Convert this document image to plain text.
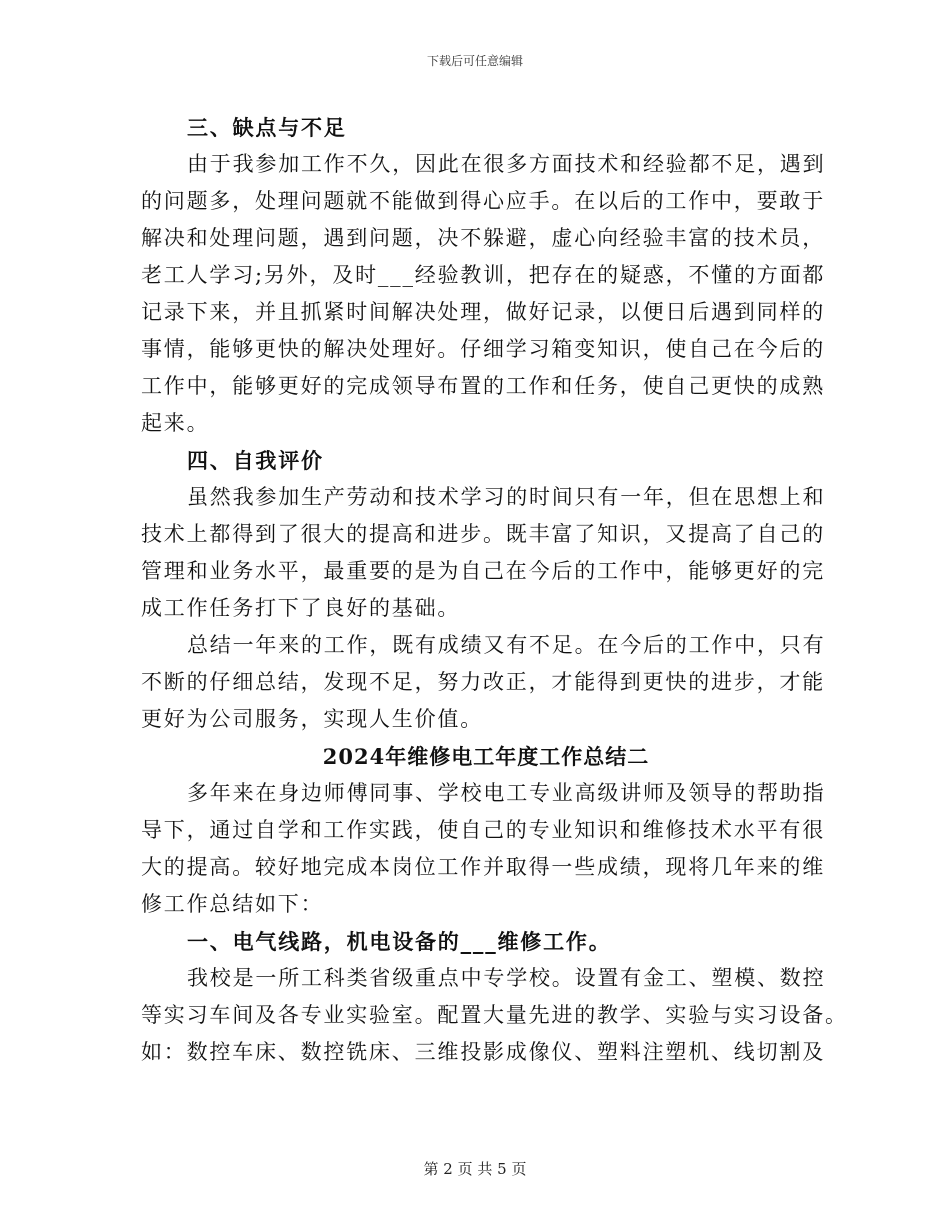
下载后可任意编辑
三、缺点与不足
由于我参加工作不久，因此在很多方面技术和经验都不足，遇到
的问题多，处理问题就不能做到得心应手。在以后的工作中，要敢于
解决和处理问题，遇到问题，决不躲避，虚心向经验丰富的技术员，
老工人学习;另外，及时___经验教训，把存在的疑惑，不懂的方面都
记录下来，并且抓紧时间解决处理，做好记录，以便日后遇到同样的
事情，能够更快的解决处理好。仔细学习箱变知识，使自己在今后的
工作中，能够更好的完成领导布置的工作和任务，使自己更快的成熟
起来。
四、自我评价
虽然我参加生产劳动和技术学习的时间只有一年，但在思想上和
技术上都得到了很大的提高和进步。既丰富了知识，又提高了自己的
管理和业务水平，最重要的是为自己在今后的工作中，能够更好的完
成工作任务打下了良好的基础。
总结一年来的工作，既有成绩又有不足。在今后的工作中，只有
不断的仔细总结，发现不足，努力改正，才能得到更快的进步，才能
更好为公司服务，实现人生价值。
2024年维修电工年度工作总结二
多年来在身边师傅同事、学校电工专业高级讲师及领导的帮助指
导下，通过自学和工作实践，使自己的专业知识和维修技术水平有很
大的提高。较好地完成本岗位工作并取得一些成绩，现将几年来的维
修工作总结如下：
一、电气线路，机电设备的___维修工作。
我校是一所工科类省级重点中专学校。设置有金工、塑模、数控
等实习车间及各专业实验室。配置大量先进的教学、实验与实习设备。
如：数控车床、数控铣床、三维投影成像仪、塑料注塑机、线切割及
第 2 页 共 5 页
